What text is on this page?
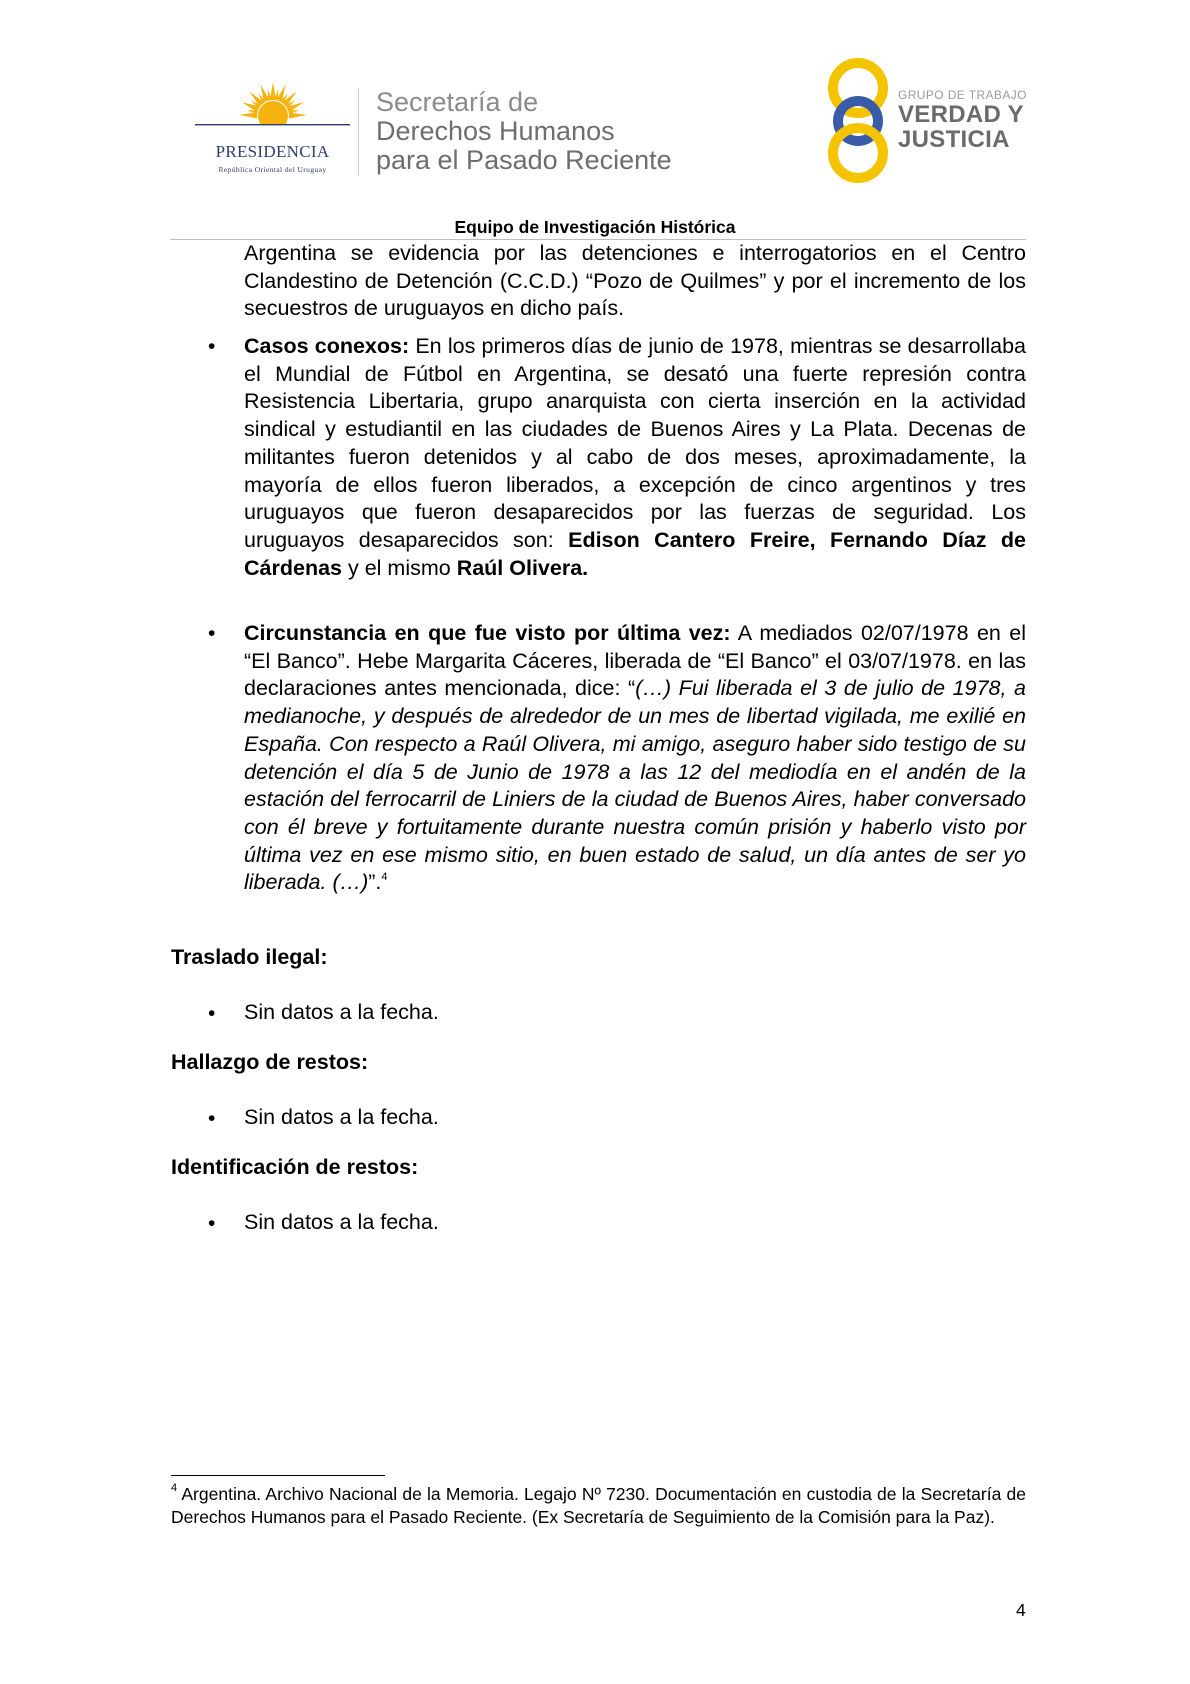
PRESIDENCIA
República Oriental del Uruguay
Secretaría de
Derechos Humanos
para el Pasado Reciente
GRUPO DE TRABAJO
VERDAD Y
JUSTICIA
Equipo de Investigación Histórica

Argentina se evidencia por las detenciones e interrogatorios en el Centro Clandestino de Detención (C.C.D.) “Pozo de Quilmes” y por el incremento de los secuestros de uruguayos en dicho país.

• Casos conexos: En los primeros días de junio de 1978, mientras se desarrollaba el Mundial de Fútbol en Argentina, se desató una fuerte represión contra Resistencia Libertaria, grupo anarquista con cierta inserción en la actividad sindical y estudiantil en las ciudades de Buenos Aires y La Plata. Decenas de militantes fueron detenidos y al cabo de dos meses, aproximadamente, la mayoría de ellos fueron liberados, a excepción de cinco argentinos y tres uruguayos que fueron desaparecidos por las fuerzas de seguridad. Los uruguayos desaparecidos son: Edison Cantero Freire, Fernando Díaz de Cárdenas y el mismo Raúl Olivera.

• Circunstancia en que fue visto por última vez: A mediados 02/07/1978 en el “El Banco”. Hebe Margarita Cáceres, liberada de “El Banco” el 03/07/1978. en las declaraciones antes mencionada, dice: “(…) Fui liberada el 3 de julio de 1978, a medianoche, y después de alrededor de un mes de libertad vigilada, me exilié en España. Con respecto a Raúl Olivera, mi amigo, aseguro haber sido testigo de su detención el día 5 de Junio de 1978 a las 12 del mediodía en el andén de la estación del ferrocarril de Liniers de la ciudad de Buenos Aires, haber conversado con él breve y fortuitamente durante nuestra común prisión y haberlo visto por última vez en ese mismo sitio, en buen estado de salud, un día antes de ser yo liberada. (…)”.$^4$

Traslado ilegal:
• Sin datos a la fecha.
Hallazgo de restos:
• Sin datos a la fecha.
Identificación de restos:
• Sin datos a la fecha.

$^4$ Argentina. Archivo Nacional de la Memoria. Legajo Nº 7230. Documentación en custodia de la Secretaría de Derechos Humanos para el Pasado Reciente. (Ex Secretaría de Seguimiento de la Comisión para la Paz).

4
